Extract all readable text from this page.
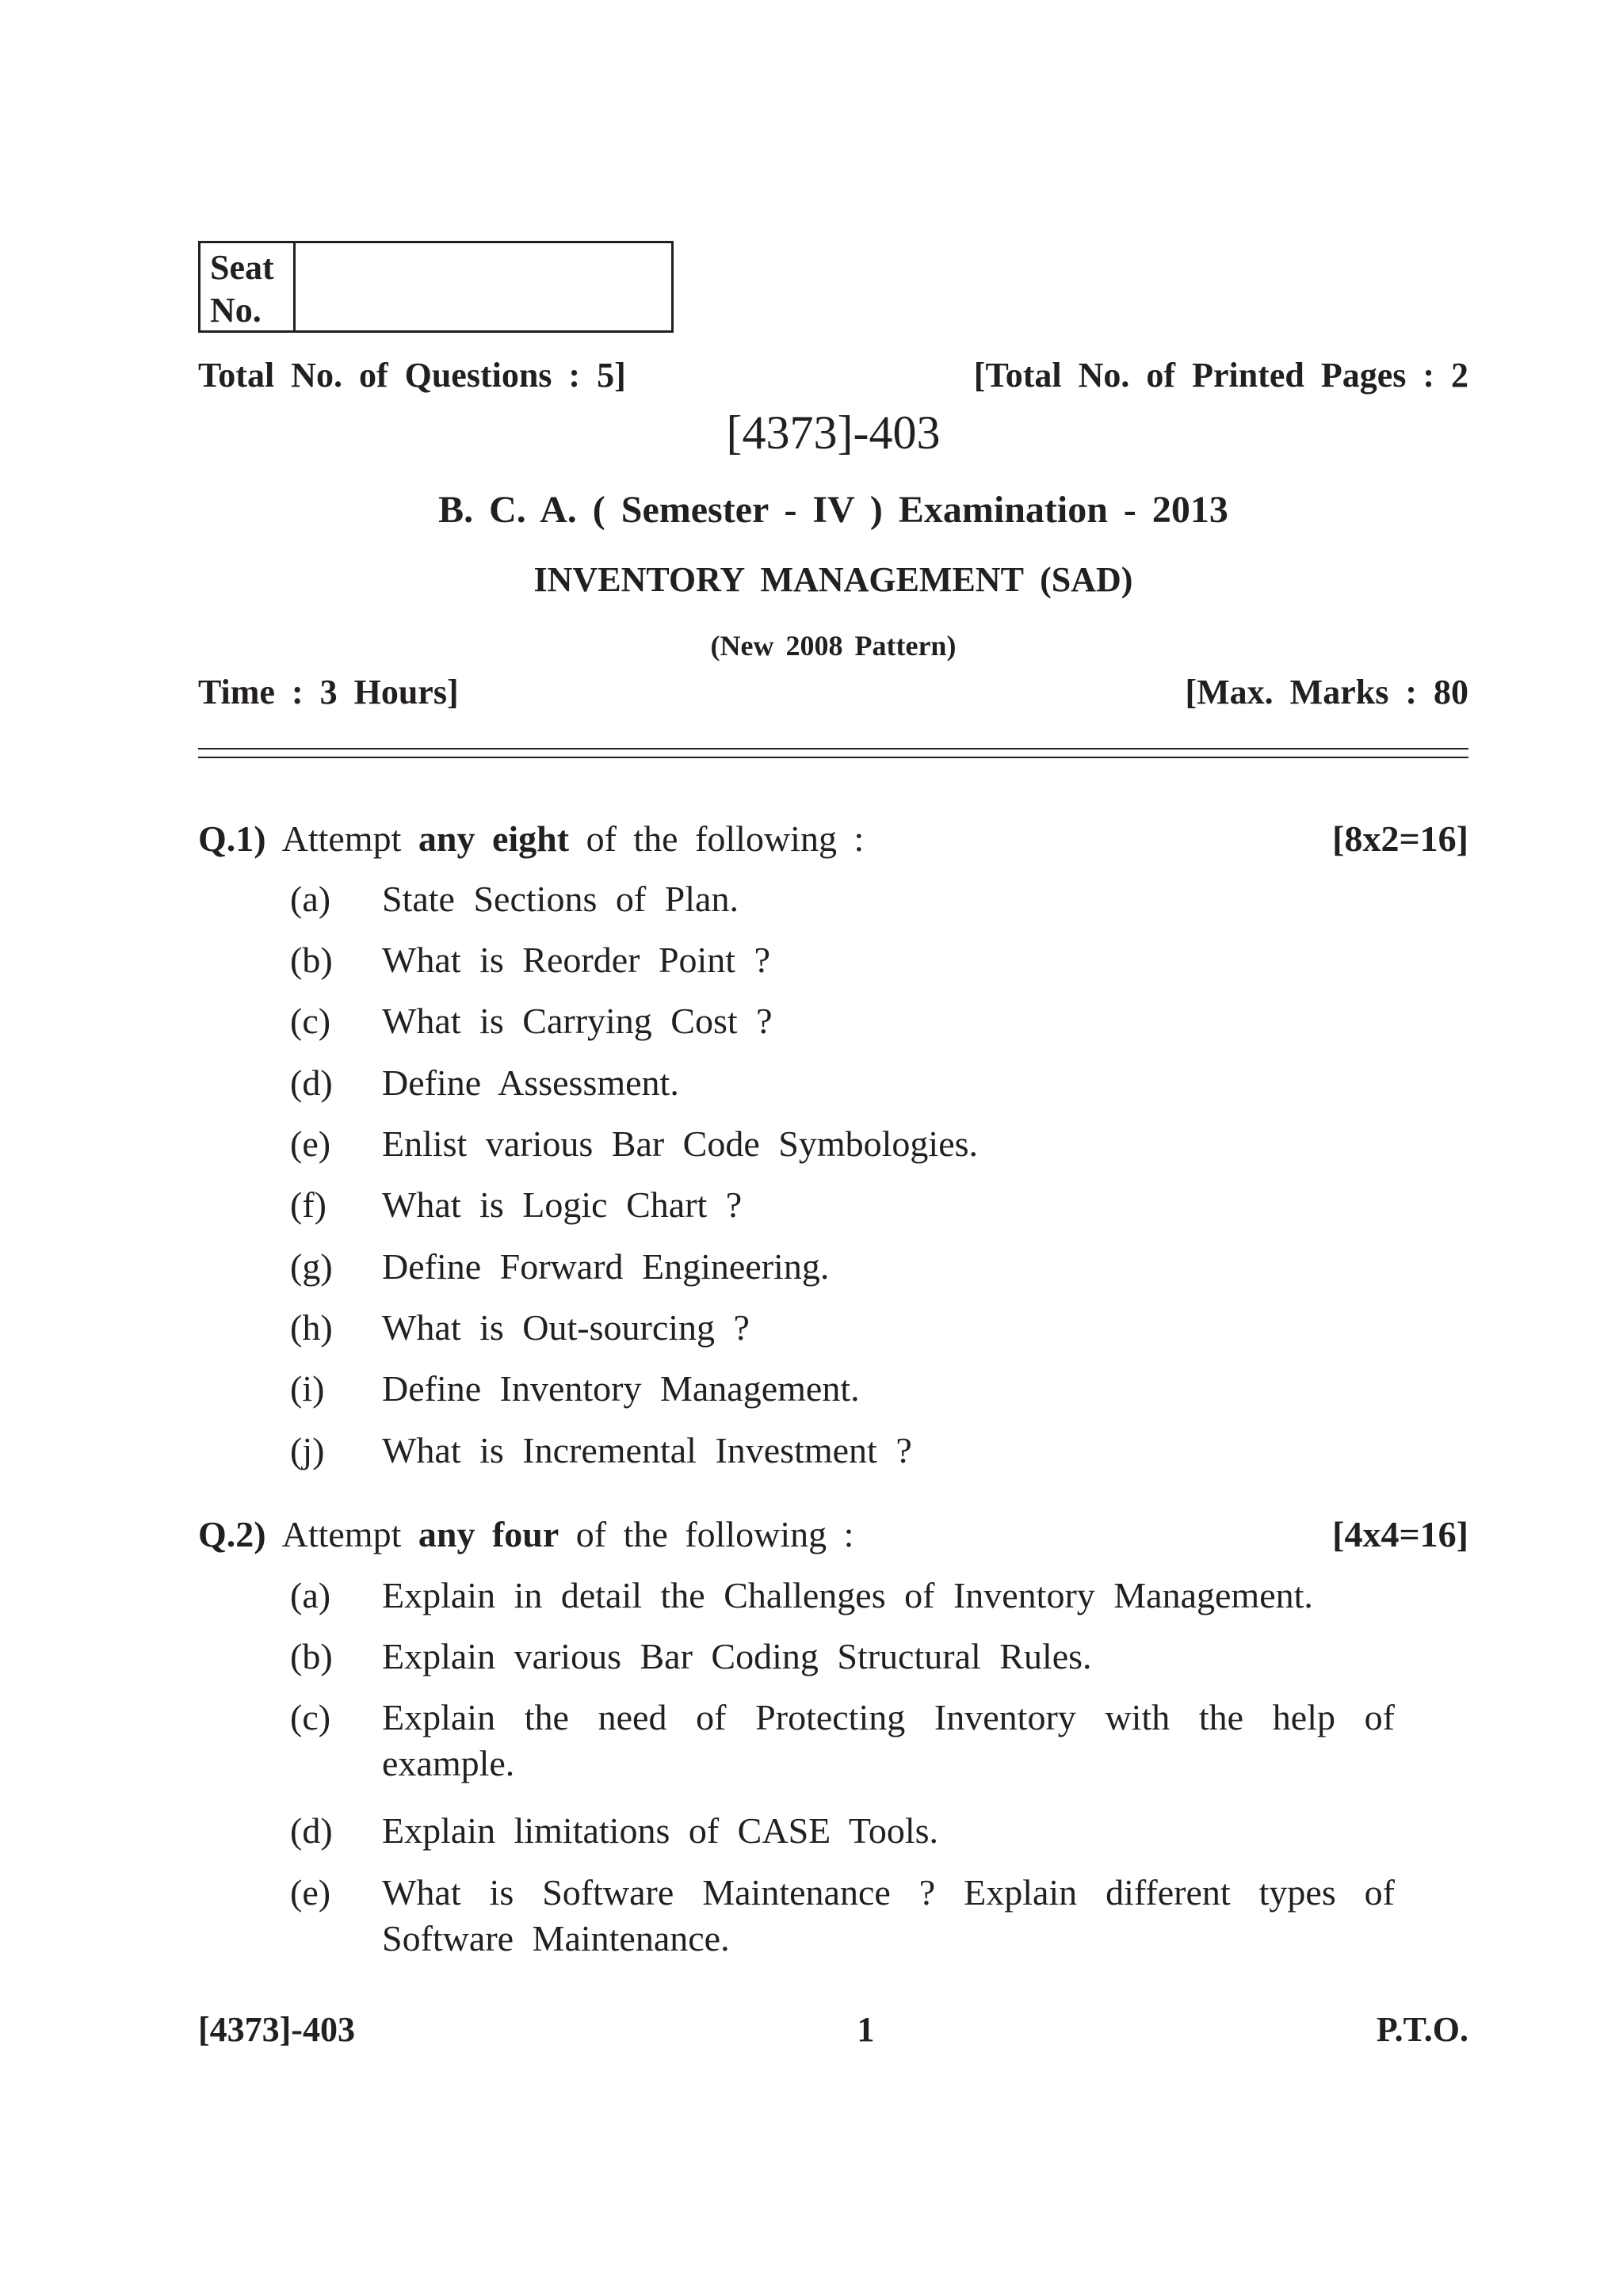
Seat
No.
Total No. of Questions : 5]	[Total No. of Printed Pages : 2
[4373]-403
B. C. A. ( Semester - IV ) Examination - 2013
INVENTORY MANAGEMENT (SAD)
(New 2008 Pattern)
Time : 3 Hours]	[Max. Marks : 80
Q.1) Attempt any eight of the following :	[8x2=16]
(a)	State Sections of Plan.
(b)	What is Reorder Point ?
(c)	What is Carrying Cost ?
(d)	Define Assessment.
(e)	Enlist various Bar Code Symbologies.
(f)	What is Logic Chart ?
(g)	Define Forward Engineering.
(h)	What is Out-sourcing ?
(i)	Define Inventory Management.
(j)	What is Incremental Investment ?
Q.2) Attempt any four of the following :	[4x4=16]
(a)	Explain in detail the Challenges of Inventory Management.
(b)	Explain various Bar Coding Structural Rules.
(c)	Explain the need of Protecting Inventory with the help of example.
(d)	Explain limitations of CASE Tools.
(e)	What is Software Maintenance ? Explain different types of Software Maintenance.
[4373]-403	1	P.T.O.
